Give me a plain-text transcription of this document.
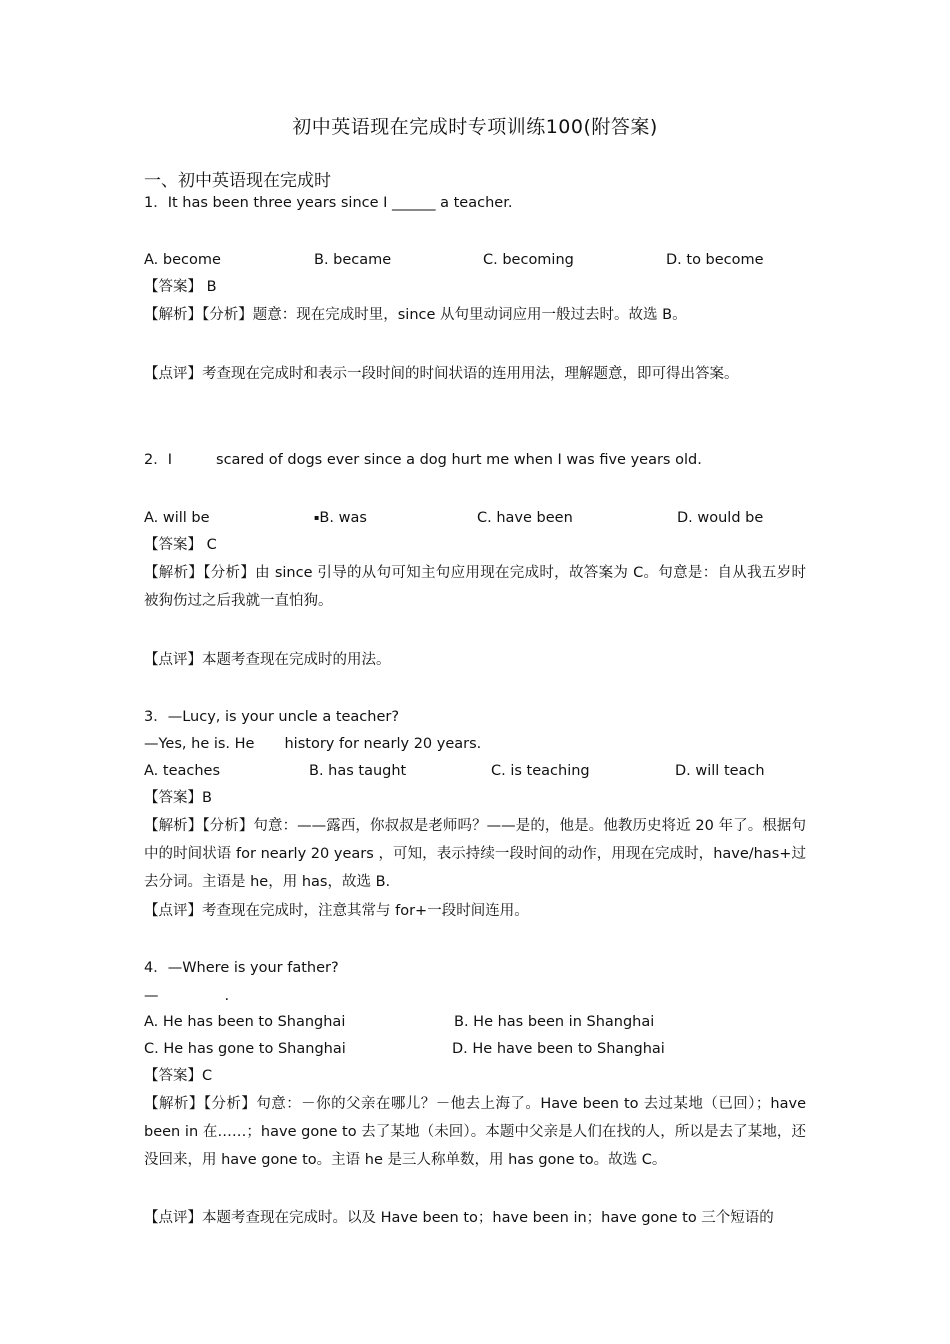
初中英语现在完成时专项训练100(附答案)
一、初中英语现在完成时
1．It has been three years since I ______ a teacher.
A. become	B. became	C. becoming	D. to become
【答案】 B
【解析】【分析】题意：现在完成时里，since 从句里动词应用一般过去时。故选 B。
【点评】考查现在完成时和表示一段时间的时间状语的连用用法，理解题意，即可得出答案。
2．I	scared of dogs ever since a dog hurt me when I was five years old.
A. will be	▪B. was	C. have been	D. would be
【答案】 C
【解析】【分析】由 since 引导的从句可知主句应用现在完成时，故答案为 C。句意是：自从我五岁时被狗伤过之后我就一直怕狗。
【点评】本题考查现在完成时的用法。
3．—Lucy, is your uncle a teacher?
—Yes, he is. He history for nearly 20 years.
A. teaches	B. has taught	C. is teaching	D. will teach
【答案】B
【解析】【分析】句意：——露西，你叔叔是老师吗？——是的，他是。他教历史将近 20 年了。根据句中的时间状语 for nearly 20 years ，可知，表示持续一段时间的动作，用现在完成时，have/has+过去分词。主语是 he，用 has，故选 B.
【点评】考查现在完成时，注意其常与 for+一段时间连用。
4．—Where is your father?
—	.
A. He has been to Shanghai	B. He has been in Shanghai
C. He has gone to Shanghai	D. He have been to Shanghai
【答案】C
【解析】【分析】句意：－你的父亲在哪儿？－他去上海了。Have been to 去过某地（已回）；have been in 在……；have gone to 去了某地（未回）。本题中父亲是人们在找的人，所以是去了某地，还没回来，用 have gone to。主语 he 是三人称单数，用 has gone to。故选 C。
【点评】本题考查现在完成时。以及 Have been to；have been in；have gone to 三个短语的
